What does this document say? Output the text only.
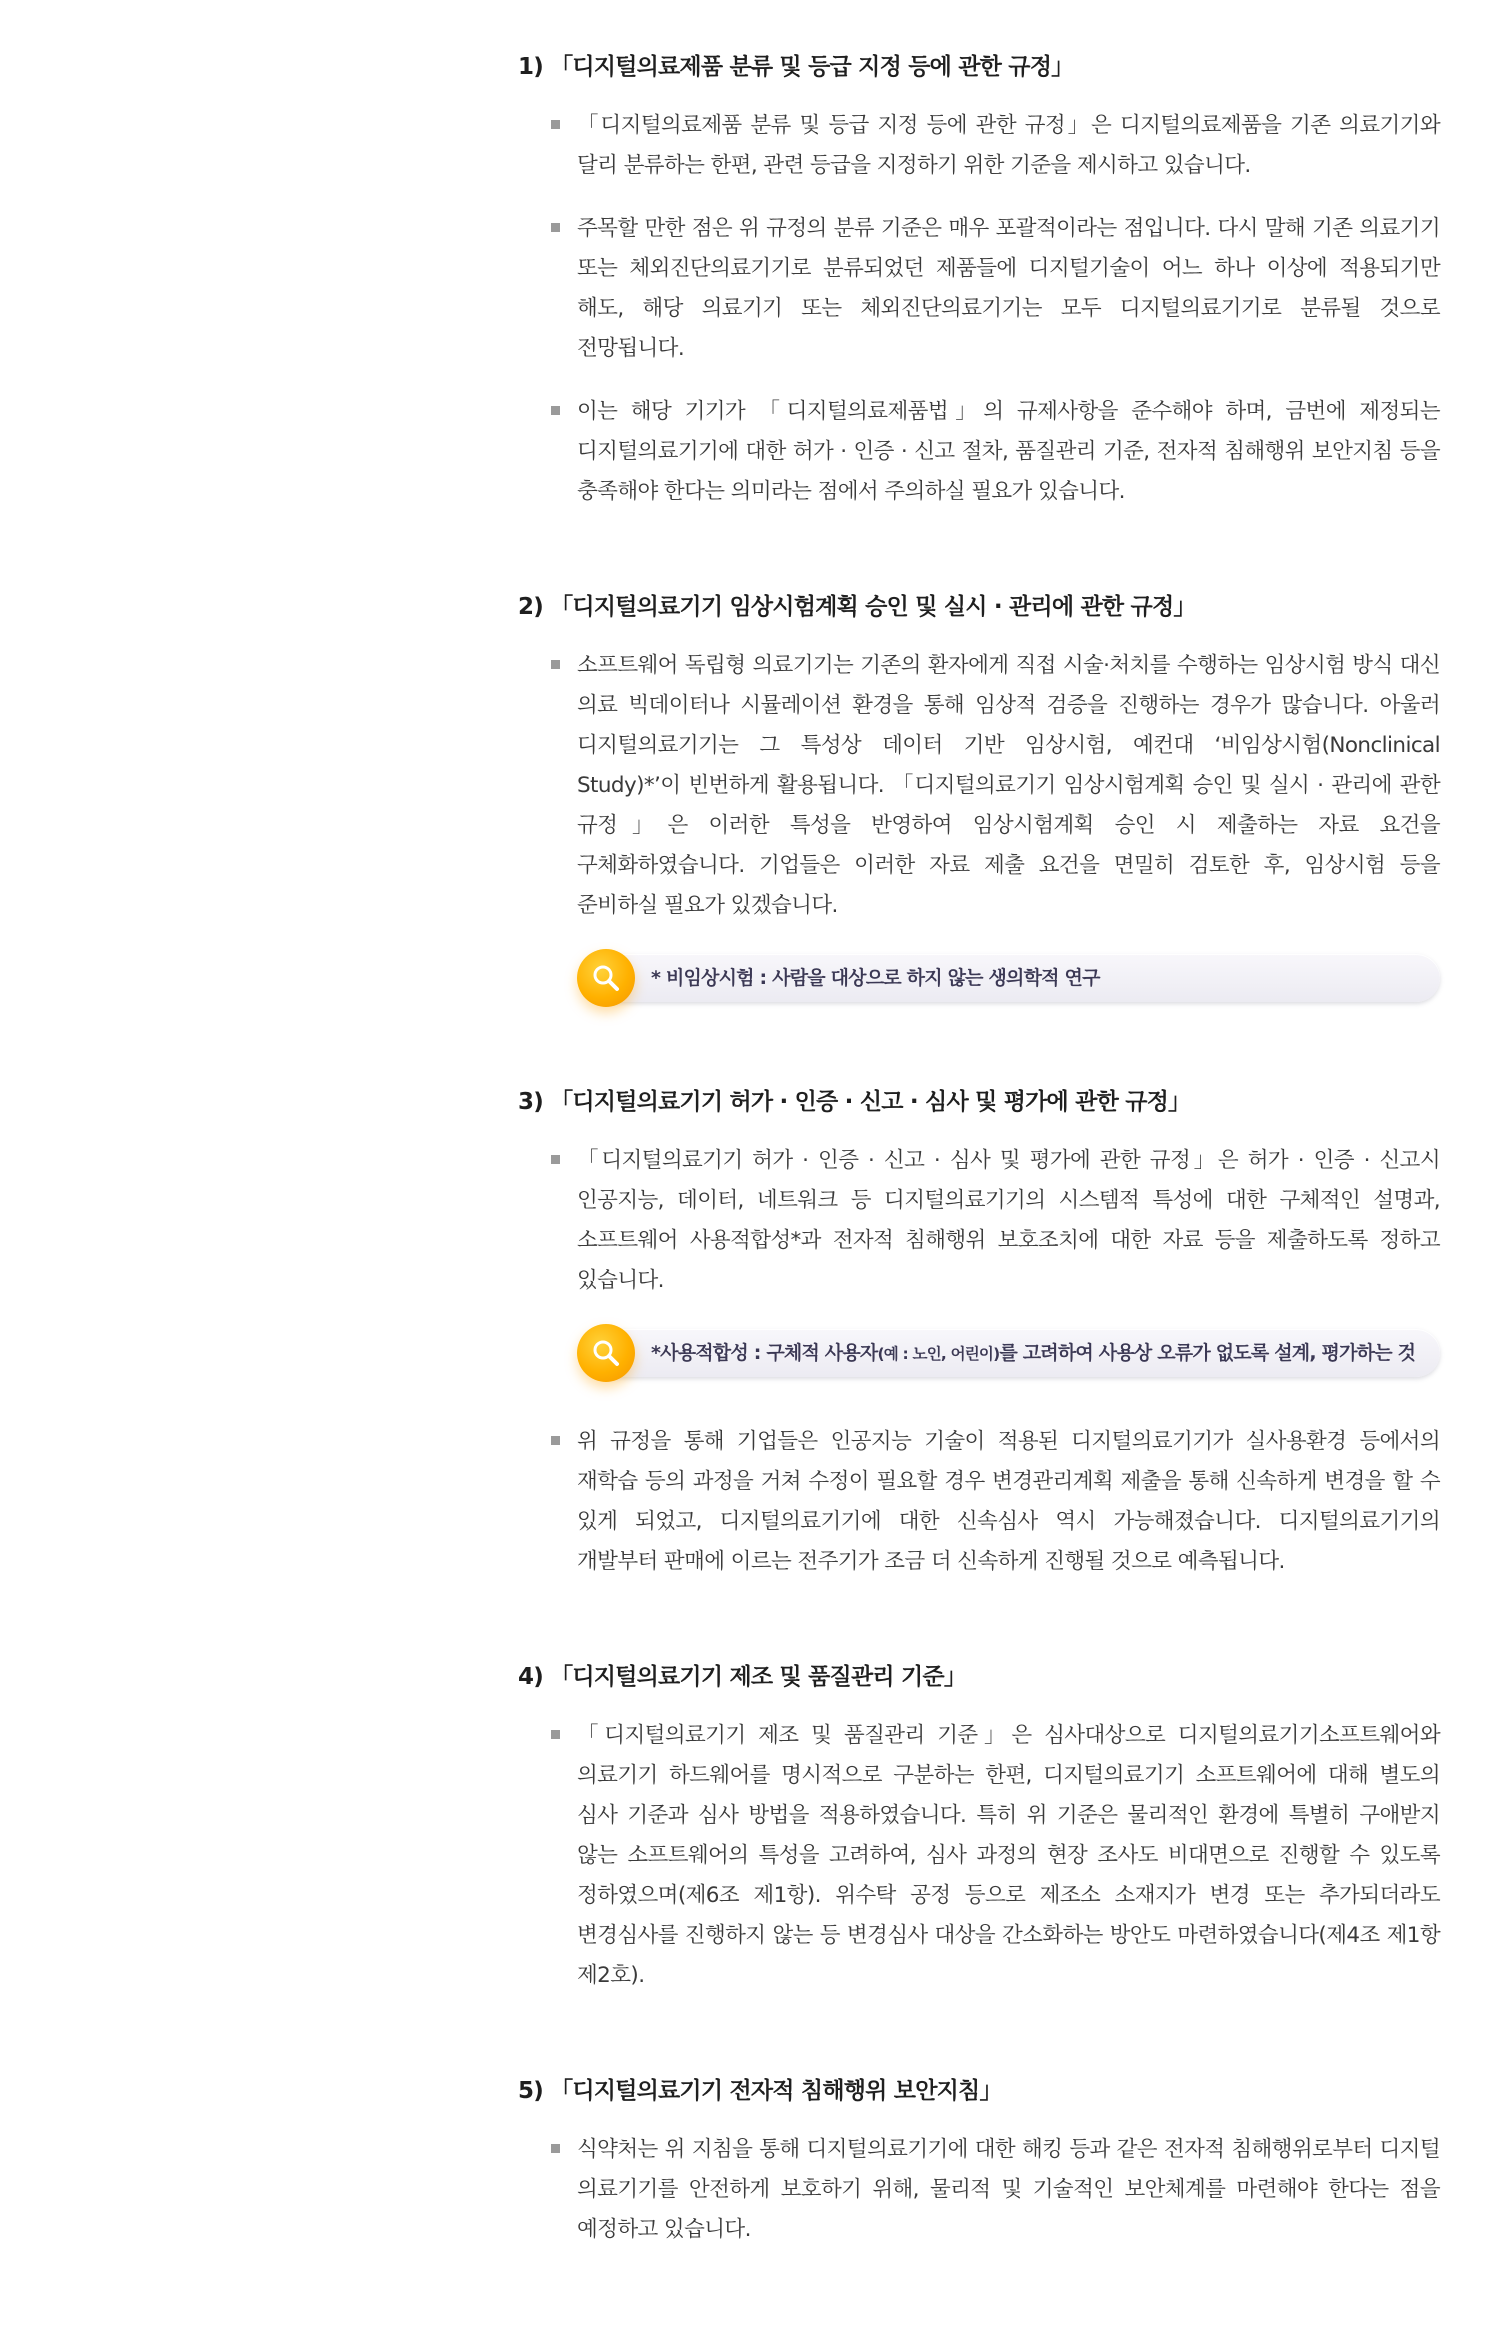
1) 「디지털의료제품 분류 및 등급 지정 등에 관한 규정」
「디지털의료제품 분류 및 등급 지정 등에 관한 규정」은 디지털의료제품을 기존 의료기기와 달리 분류하는 한편, 관련 등급을 지정하기 위한 기준을 제시하고 있습니다.
주목할 만한 점은 위 규정의 분류 기준은 매우 포괄적이라는 점입니다. 다시 말해 기존 의료기기 또는 체외진단의료기기로 분류되었던 제품들에 디지털기술이 어느 하나 이상에 적용되기만 해도, 해당 의료기기 또는 체외진단의료기기는 모두 디지털의료기기로 분류될 것으로 전망됩니다.
이는 해당 기기가 「디지털의료제품법」의 규제사항을 준수해야 하며, 금번에 제정되는 디지털의료기기에 대한 허가 · 인증 · 신고 절차, 품질관리 기준, 전자적 침해행위 보안지침 등을 충족해야 한다는 의미라는 점에서 주의하실 필요가 있습니다.
2) 「디지털의료기기 임상시험계획 승인 및 실시 · 관리에 관한 규정」
소프트웨어 독립형 의료기기는 기존의 환자에게 직접 시술·처치를 수행하는 임상시험 방식 대신 의료 빅데이터나 시뮬레이션 환경을 통해 임상적 검증을 진행하는 경우가 많습니다. 아울러 디지털의료기기는 그 특성상 데이터 기반 임상시험, 예컨대 ‘비임상시험(Nonclinical Study)*’이 빈번하게 활용됩니다. 「디지털의료기기 임상시험계획 승인 및 실시 · 관리에 관한 규정」은 이러한 특성을 반영하여 임상시험계획 승인 시 제출하는 자료 요건을 구체화하였습니다. 기업들은 이러한 자료 제출 요건을 면밀히 검토한 후, 임상시험 등을 준비하실 필요가 있겠습니다.
* 비임상시험 : 사람을 대상으로 하지 않는 생의학적 연구
3) 「디지털의료기기 허가 · 인증 · 신고 · 심사 및 평가에 관한 규정」
「디지털의료기기 허가 · 인증 · 신고 · 심사 및 평가에 관한 규정」은 허가 · 인증 · 신고시 인공지능, 데이터, 네트워크 등 디지털의료기기의 시스템적 특성에 대한 구체적인 설명과, 소프트웨어 사용적합성*과 전자적 침해행위 보호조치에 대한 자료 등을 제출하도록 정하고 있습니다.
*사용적합성 : 구체적 사용자(예 : 노인, 어린이)를 고려하여 사용상 오류가 없도록 설계, 평가하는 것
위 규정을 통해 기업들은 인공지능 기술이 적용된 디지털의료기기가 실사용환경 등에서의 재학습 등의 과정을 거쳐 수정이 필요할 경우 변경관리계획 제출을 통해 신속하게 변경을 할 수 있게 되었고, 디지털의료기기에 대한 신속심사 역시 가능해졌습니다. 디지털의료기기의 개발부터 판매에 이르는 전주기가 조금 더 신속하게 진행될 것으로 예측됩니다.
4) 「디지털의료기기 제조 및 품질관리 기준」
「디지털의료기기 제조 및 품질관리 기준」은 심사대상으로 디지털의료기기소프트웨어와 의료기기 하드웨어를 명시적으로 구분하는 한편, 디지털의료기기 소프트웨어에 대해 별도의 심사 기준과 심사 방법을 적용하였습니다. 특히 위 기준은 물리적인 환경에 특별히 구애받지 않는 소프트웨어의 특성을 고려하여, 심사 과정의 현장 조사도 비대면으로 진행할 수 있도록 정하였으며(제6조 제1항). 위수탁 공정 등으로 제조소 소재지가 변경 또는 추가되더라도 변경심사를 진행하지 않는 등 변경심사 대상을 간소화하는 방안도 마련하였습니다(제4조 제1항 제2호).
5) 「디지털의료기기 전자적 침해행위 보안지침」
식약처는 위 지침을 통해 디지털의료기기에 대한 해킹 등과 같은 전자적 침해행위로부터 디지털 의료기기를 안전하게 보호하기 위해, 물리적 및 기술적인 보안체계를 마련해야 한다는 점을 예정하고 있습니다.
